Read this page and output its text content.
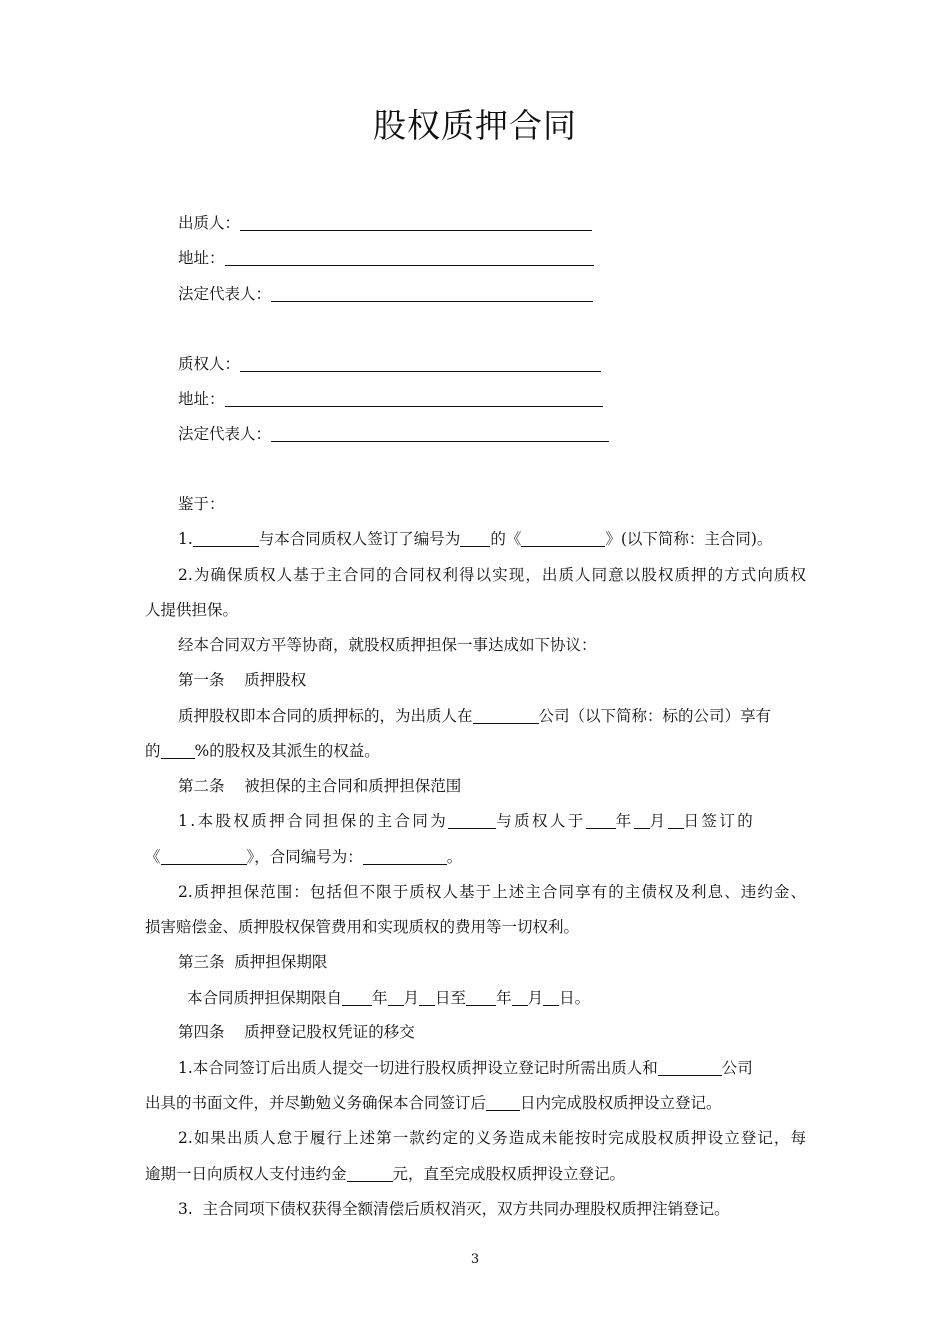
股权质押合同
出质人：
地址：
法定代表人：
质权人：
地址：
法定代表人：
鉴于：
1.	与本合同质权人签订了编号为 的《	》(以下简称：主合同)。
2.为确保质权人基于主合同的合同权利得以实现，出质人同意以股权质押的方式向质权
人提供担保。
经本合同双方平等协商，就股权质押担保一事达成如下协议：
第一条    质押股权
质押股权即本合同的质押标的，为出质人在	公司（以下简称：标的公司）享有
的 %的股权及其派生的权益。
第二条    被担保的主合同和质押担保范围
1.本股权质押合同担保的主合同为	与质权人于 年 月 日签订的
《	》，合同编号为：	。
2.质押担保范围：包括但不限于质权人基于上述主合同享有的主债权及利息、违约金、
损害赔偿金、质押股权保管费用和实现质权的费用等一切权利。
第三条  质押担保期限
本合同质押担保期限自 年 月 日至 年 月 日。
第四条    质押登记股权凭证的移交
1.本合同签订后出质人提交一切进行股权质押设立登记时所需出质人和	公司
出具的书面文件，并尽勤勉义务确保本合同签订后 日内完成股权质押设立登记。
2.如果出质人怠于履行上述第一款约定的义务造成未能按时完成股权质押设立登记，每
逾期一日向质权人支付违约金	元，直至完成股权质押设立登记。
3.  主合同项下债权获得全额清偿后质权消灭，双方共同办理股权质押注销登记。
3
